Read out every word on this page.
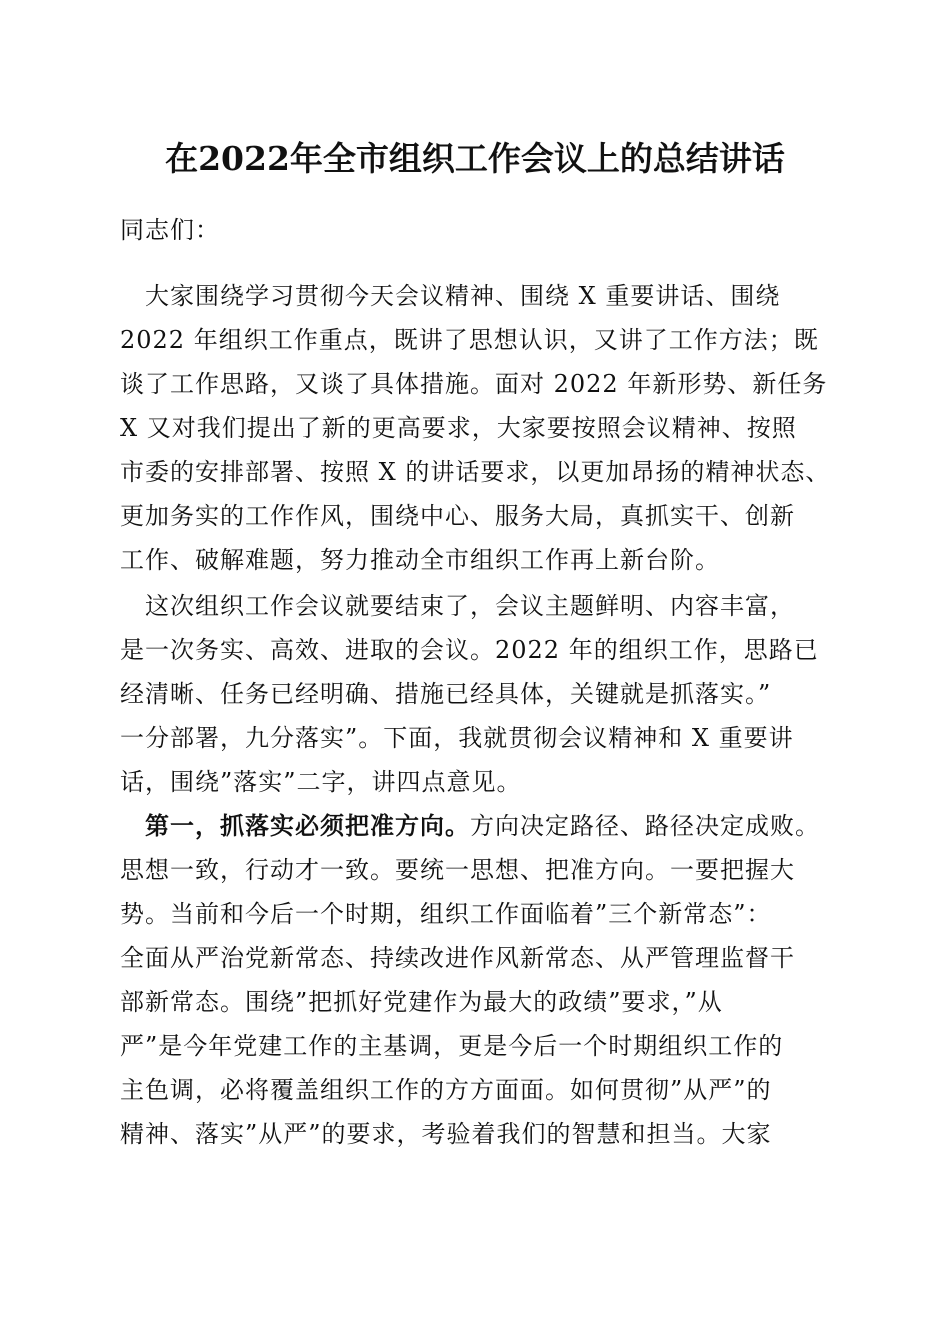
在2022年全市组织工作会议上的总结讲话
同志们：
　大家围绕学习贯彻今天会议精神、围绕 X 重要讲话、围绕
2022 年组织工作重点，既讲了思想认识，又讲了工作方法；既
谈了工作思路，又谈了具体措施。面对 2022 年新形势、新任务
X 又对我们提出了新的更高要求，大家要按照会议精神、按照
市委的安排部署、按照 X 的讲话要求，以更加昂扬的精神状态、
更加务实的工作作风，围绕中心、服务大局，真抓实干、创新
工作、破解难题，努力推动全市组织工作再上新台阶。
　这次组织工作会议就要结束了，会议主题鲜明、内容丰富，
是一次务实、高效、进取的会议。2022 年的组织工作，思路已
经清晰、任务已经明确、措施已经具体，关键就是抓落实。”
一分部署，九分落实”。下面，我就贯彻会议精神和 X 重要讲
话，围绕”落实”二字，讲四点意见。
　第一，抓落实必须把准方向。方向决定路径、路径决定成败。
思想一致，行动才一致。要统一思想、把准方向。一要把握大
势。当前和今后一个时期，组织工作面临着”三个新常态”：
全面从严治党新常态、持续改进作风新常态、从严管理监督干
部新常态。围绕”把抓好党建作为最大的政绩”要求，”从
严”是今年党建工作的主基调，更是今后一个时期组织工作的
主色调，必将覆盖组织工作的方方面面。如何贯彻”从严”的
精神、落实”从严”的要求，考验着我们的智慧和担当。大家
